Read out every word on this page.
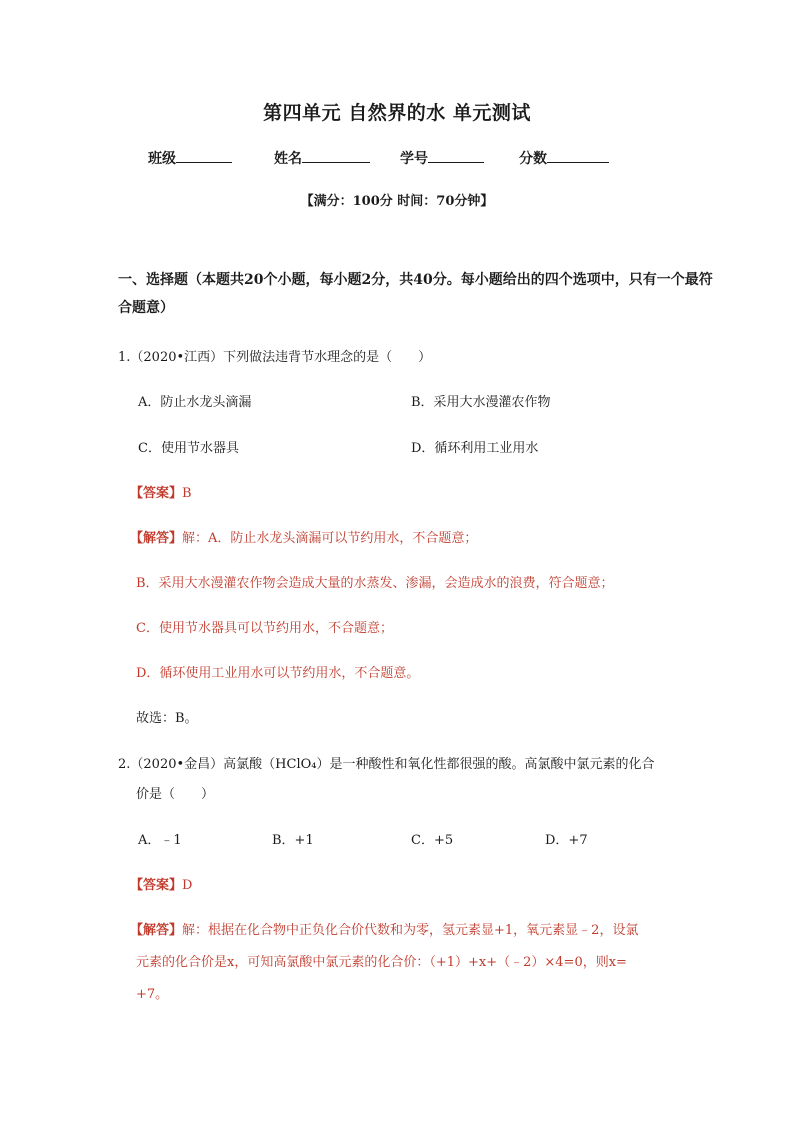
第四单元 自然界的水 单元测试
班级	姓名	学号	分数
【满分：100分 时间：70分钟】
一、选择题（本题共20个小题，每小题2分，共40分。每小题给出的四个选项中，只有一个最符合题意）
1.（2020•江西）下列做法违背节水理念的是（　　）
A．防止水龙头滴漏	B．采用大水漫灌农作物
C．使用节水器具	D．循环利用工业用水
【答案】B
【解答】解：A．防止水龙头滴漏可以节约用水，不合题意；
B．采用大水漫灌农作物会造成大量的水蒸发、渗漏，会造成水的浪费，符合题意；
C．使用节水器具可以节约用水，不合题意；
D．循环使用工业用水可以节约用水，不合题意。
故选：B。
2.（2020•金昌）高氯酸（HClO₄）是一种酸性和氧化性都很强的酸。高氯酸中氯元素的化合
价是（　　）
A．﹣1	B．+1	C．+5	D．+7
【答案】D
【解答】解：根据在化合物中正负化合价代数和为零，氢元素显+1，氧元素显﹣2，设氯
元素的化合价是x，可知高氯酸中氯元素的化合价：（+1）+x+（﹣2）×4=0，则x=
+7。
